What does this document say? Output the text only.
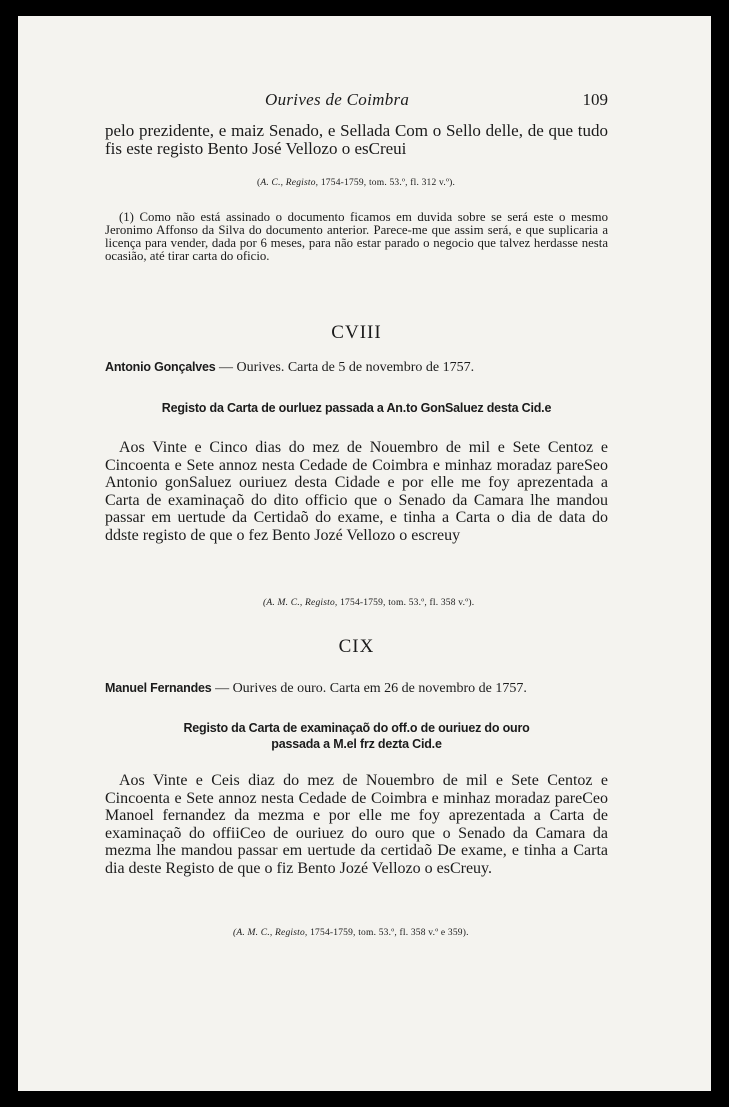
Ourives de Coimbra	109

pelo prezidente, e maiz Senado, e Sellada Com o Sello delle, de que tudo fis este registo Bento José Vellozo o esCreui

(A. C., Registo, 1754-1759, tom. 53.º, fl. 312 v.º).

(1) Como não está assinado o documento ficamos em duvida sobre se será este o mesmo Jeronimo Affonso da Silva do documento anterior. Parece-me que assim será, e que suplicaria a licença para vender, dada por 6 meses, para não estar parado o negocio que talvez herdasse nesta ocasião, até tirar carta do oficio.

CVIII

Antonio Gonçalves — Ourives. Carta de 5 de novembro de 1757.

Registo da Carta de ourluez passada a An.to GonSaluez desta Cid.e

Aos Vinte e Cinco dias do mez de Nouembro de mil e Sete Centoz e Cincoenta e Sete annoz nesta Cedade de Coimbra e minhaz moradaz pareSeo Antonio gonSaluez ouriuez desta Cidade e por elle me foy aprezentada a Carta de examinaçaõ do dito officio que o Senado da Camara lhe mandou passar em uertude da Certidaõ do exame, e tinha a Carta o dia de data do ddste registo de que o fez Bento Jozé Vellozo o escreuy

(A. M. C., Registo, 1754-1759, tom. 53.º, fl. 358 v.º).
CIX

Manuel Fernandes — Ourives de ouro. Carta em 26 de novembro de 1757.

Registo da Carta de examinaçaõ do off.o de ouriuez do ouro
passada a M.el frz dezta Cid.e

Aos Vinte e Ceis diaz do mez de Nouembro de mil e Sete Centoz e Cincoenta e Sete annoz nesta Cedade de Coimbra e minhaz moradaz pareCeo Manoel fernandez da mezma e por elle me foy aprezentada a Carta de examinaçaõ do offiiCeo de ouriuez do ouro que o Senado da Camara da mezma lhe mandou passar em uertude da certidaõ De exame, e tinha a Carta dia deste Registo de que o fiz Bento Jozé Vellozo o esCreuy.

(A. M. C., Registo, 1754-1759, tom. 53.º, fl. 358 v.º e 359).
